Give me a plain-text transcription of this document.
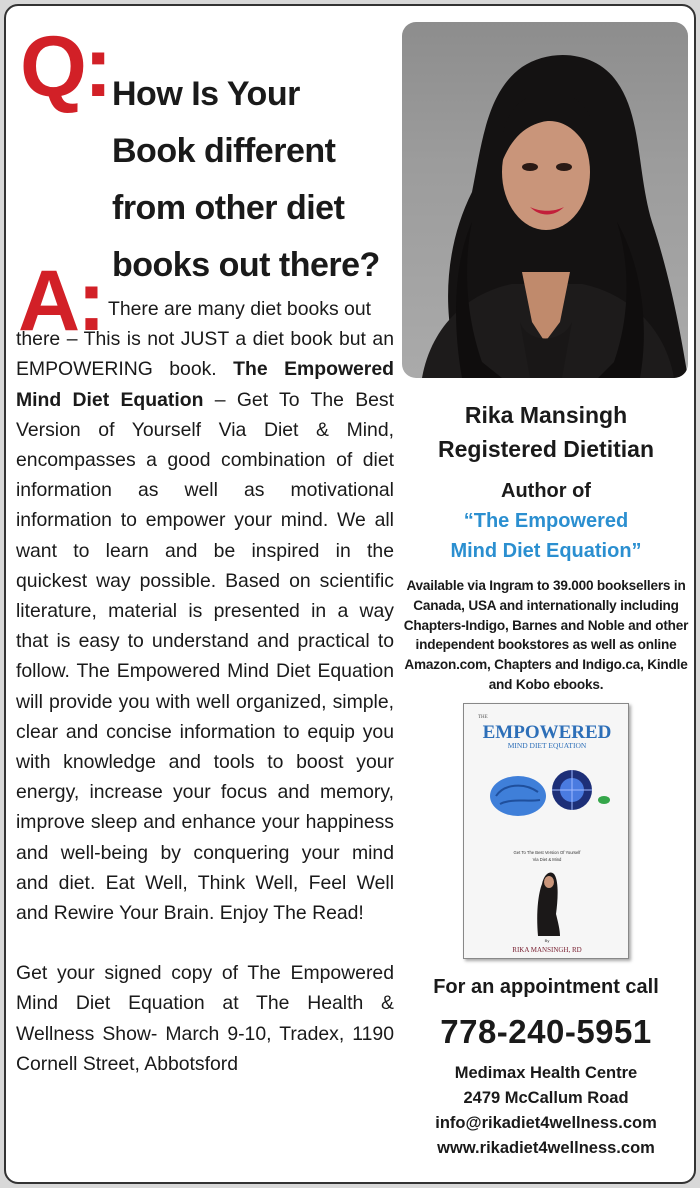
Q: How Is Your
Book different
from other diet
books out there?
A: There are many diet books out
there – This is not JUST a diet book but an EMPOWERING book. The Empowered Mind Diet Equation – Get To The Best Version of Yourself Via Diet & Mind, encompasses a good combination of diet information as well as motivational information to empower your mind. We all want to learn and be inspired in the quickest way possible. Based on scientific literature, material is presented in a way that is easy to understand and practical to follow. The Empowered Mind Diet Equation will provide you with well organized, simple, clear and concise information to equip you with knowledge and tools to boost your energy, increase your focus and memory, improve sleep and enhance your happiness and well-being by conquering your mind and diet. Eat Well, Think Well, Feel Well and Rewire Your Brain. Enjoy The Read!

Get your signed copy of The Empowered Mind Diet Equation at The Health & Wellness Show- March 9-10, Tradex, 1190 Cornell Street, Abbotsford

Rika Mansingh
Registered Dietitian
Author of
“The Empowered
Mind Diet Equation”
Available via Ingram to 39.000 booksellers in Canada, USA and internationally including Chapters-Indigo, Barnes and Noble and other independent bookstores as well as online Amazon.com, Chapters and Indigo.ca, Kindle and Kobo ebooks.
THE
EMPOWERED
MIND DIET EQUATION
Get To The Best Version Of Yourself
Via Diet & Mind
By
RIKA MANSINGH, RD
For an appointment call
778-240-5951
Medimax Health Centre
2479 McCallum Road
info@rikadiet4wellness.com
www.rikadiet4wellness.com
